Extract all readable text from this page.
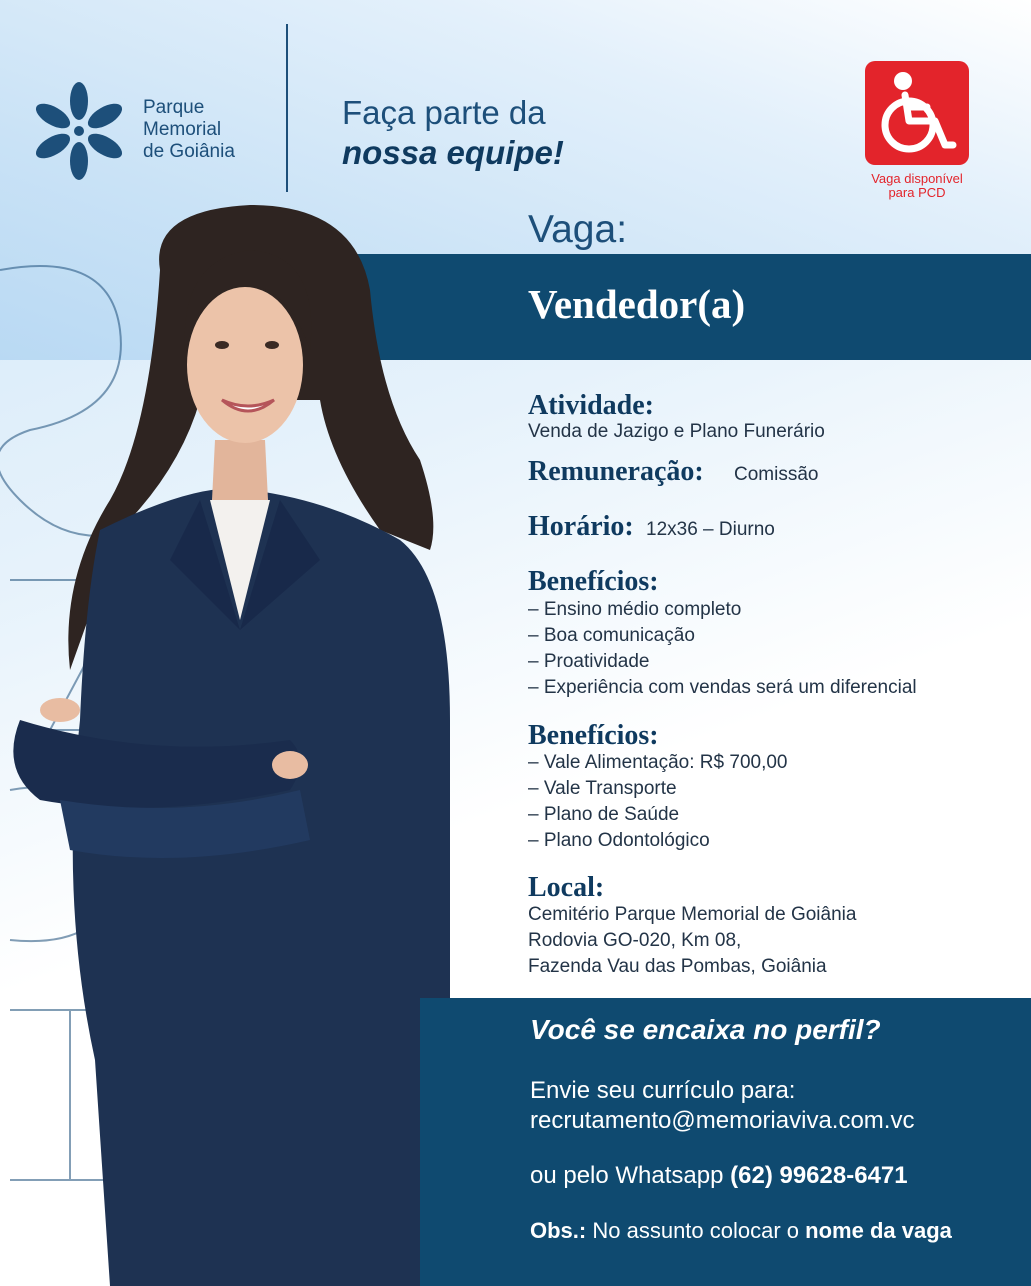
Parque
Memorial
de Goiânia
Faça parte da
nossa equipe!
Vaga disponível
para PCD
Vaga:
Vendedor(a)
Atividade:
Venda de Jazigo e Plano Funerário
Remuneração: Comissão
Horário: 12x36 – Diurno
Benefícios:
– Ensino médio completo
– Boa comunicação
– Proatividade
– Experiência com vendas será um diferencial
Benefícios:
– Vale Alimentação: R$ 700,00
– Vale Transporte
– Plano de Saúde
– Plano Odontológico
Local:
Cemitério Parque Memorial de Goiânia
Rodovia GO-020, Km 08,
Fazenda Vau das Pombas, Goiânia
Você se encaixa no perfil?
Envie seu currículo para:
recrutamento@memoriaviva.com.vc
ou pelo Whatsapp (62) 99628-6471
Obs.: No assunto colocar o nome da vaga
